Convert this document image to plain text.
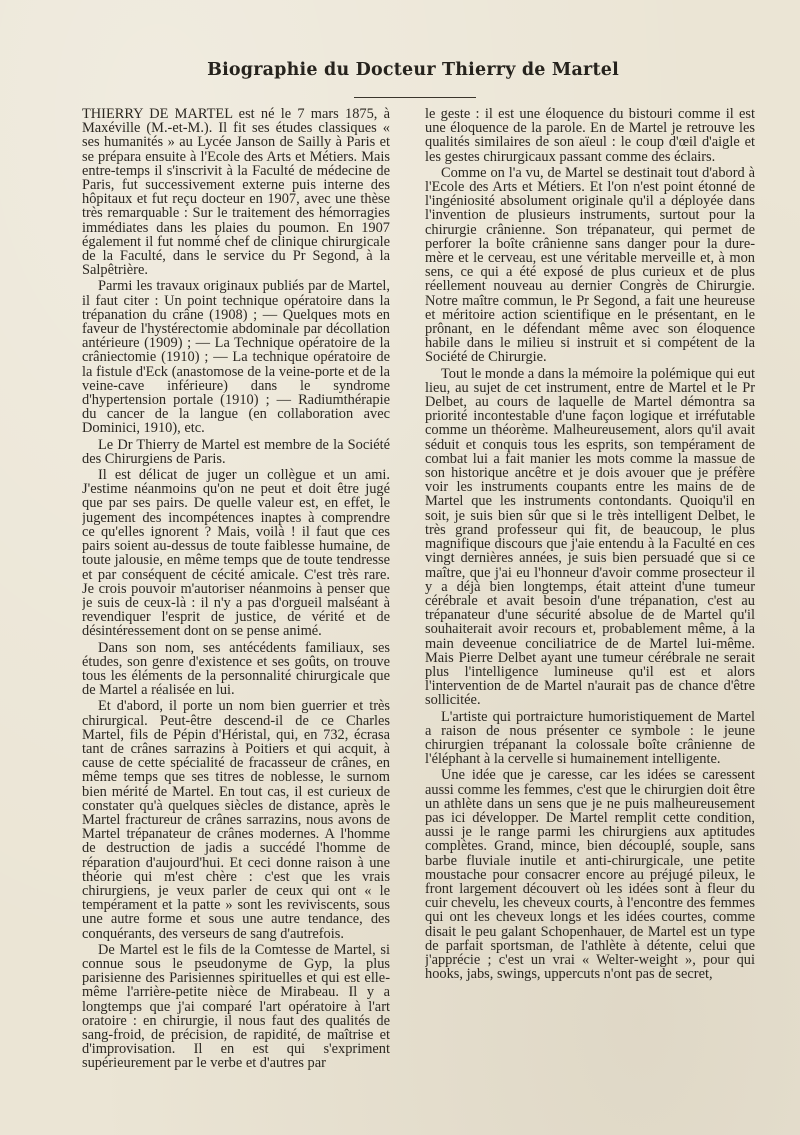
Biographie du Docteur Thierry de Martel

THIERRY DE MARTEL est né le 7 mars 1875, à Maxéville (M.-et-M.). Il fit ses études classiques « ses humanités » au Lycée Janson de Sailly à Paris et se prépara ensuite à l'Ecole des Arts et Métiers. Mais entre-temps il s'inscrivit à la Faculté de médecine de Paris, fut successivement externe puis interne des hôpitaux et fut reçu docteur en 1907, avec une thèse très remarquable : Sur le traitement des hémorragies immédiates dans les plaies du poumon. En 1907 également il fut nommé chef de clinique chirurgicale de la Faculté, dans le service du Pr Segond, à la Salpêtrière.

Parmi les travaux originaux publiés par de Martel, il faut citer : Un point technique opératoire dans la trépanation du crâne (1908) ; — Quelques mots en faveur de l'hystérectomie abdominale par décollation antérieure (1909) ; — La Technique opératoire de la crâniectomie (1910) ; — La technique opératoire de la fistule d'Eck (anastomose de la veine-porte et de la veine-cave inférieure) dans le syndrome d'hypertension portale (1910) ; — Radiumthérapie du cancer de la langue (en collaboration avec Dominici, 1910), etc.

Le Dr Thierry de Martel est membre de la Société des Chirurgiens de Paris.

Il est délicat de juger un collègue et un ami. J'estime néanmoins qu'on ne peut et doit être jugé que par ses pairs. De quelle valeur est, en effet, le jugement des incompétences inaptes à comprendre ce qu'elles ignorent ? Mais, voilà ! il faut que ces pairs soient au-dessus de toute faiblesse humaine, de toute jalousie, en même temps que de toute tendresse et par conséquent de cécité amicale. C'est très rare. Je crois pouvoir m'autoriser néanmoins à penser que je suis de ceux-là : il n'y a pas d'orgueil malséant à revendiquer l'esprit de justice, de vérité et de désintéressement dont on se pense animé.

Dans son nom, ses antécédents familiaux, ses études, son genre d'existence et ses goûts, on trouve tous les éléments de la personnalité chirurgicale que de Martel a réalisée en lui.

Et d'abord, il porte un nom bien guerrier et très chirurgical. Peut-être descend-il de ce Charles Martel, fils de Pépin d'Héristal, qui, en 732, écrasa tant de crânes sarrazins à Poitiers et qui acquit, à cause de cette spécialité de fracasseur de crânes, en même temps que ses titres de noblesse, le surnom bien mérité de Martel. En tout cas, il est curieux de constater qu'à quelques siècles de distance, après le Martel fractureur de crânes sarrazins, nous avons de Martel trépanateur de crânes modernes. A l'homme de destruction de jadis a succédé l'homme de réparation d'aujourd'hui. Et ceci donne raison à une théorie qui m'est chère : c'est que les vrais chirurgiens, je veux parler de ceux qui ont « le tempérament et la patte » sont les reviviscents, sous une autre forme et sous une autre tendance, des conquérants, des verseurs de sang d'autrefois.

De Martel est le fils de la Comtesse de Martel, si connue sous le pseudonyme de Gyp, la plus parisienne des Parisiennes spirituelles et qui est elle-même l'arrière-petite nièce de Mirabeau. Il y a longtemps que j'ai comparé l'art opératoire à l'art oratoire : en chirurgie, il nous faut des qualités de sang-froid, de précision, de rapidité, de maîtrise et d'improvisation. Il en est qui s'expriment supérieurement par le verbe et d'autres par

le geste : il est une éloquence du bistouri comme il est une éloquence de la parole. En de Martel je retrouve les qualités similaires de son aïeul : le coup d'œil d'aigle et les gestes chirurgicaux passant comme des éclairs.

Comme on l'a vu, de Martel se destinait tout d'abord à l'Ecole des Arts et Métiers. Et l'on n'est point étonné de l'ingéniosité absolument originale qu'il a déployée dans l'invention de plusieurs instruments, surtout pour la chirurgie crânienne. Son trépanateur, qui permet de perforer la boîte crânienne sans danger pour la dure-mère et le cerveau, est une véritable merveille et, à mon sens, ce qui a été exposé de plus curieux et de plus réellement nouveau au dernier Congrès de Chirurgie. Notre maître commun, le Pr Segond, a fait une heureuse et méritoire action scientifique en le présentant, en le prônant, en le défendant même avec son éloquence habile dans le milieu si instruit et si compétent de la Société de Chirurgie.

Tout le monde a dans la mémoire la polémique qui eut lieu, au sujet de cet instrument, entre de Martel et le Pr Delbet, au cours de laquelle de Martel démontra sa priorité incontestable d'une façon logique et irréfutable comme un théorème. Malheureusement, alors qu'il avait séduit et conquis tous les esprits, son tempérament de combat lui a fait manier les mots comme la massue de son historique ancêtre et je dois avouer que je préfère voir les instruments coupants entre les mains de de Martel que les instruments contondants. Quoiqu'il en soit, je suis bien sûr que si le très intelligent Delbet, le très grand professeur qui fit, de beaucoup, le plus magnifique discours que j'aie entendu à la Faculté en ces vingt dernières années, je suis bien persuadé que si ce maître, que j'ai eu l'honneur d'avoir comme prosecteur il y a déjà bien longtemps, était atteint d'une tumeur cérébrale et avait besoin d'une trépanation, c'est au trépanateur d'une sécurité absolue de de Martel qu'il souhaiterait avoir recours et, probablement même, à la main deveenue conciliatrice de de Martel lui-même. Mais Pierre Delbet ayant une tumeur cérébrale ne serait plus l'intelligence lumineuse qu'il est et alors l'intervention de de Martel n'aurait pas de chance d'être sollicitée.

L'artiste qui portraicture humoristiquement de Martel a raison de nous présenter ce symbole : le jeune chirurgien trépanant la colossale boîte crânienne de l'éléphant à la cervelle si humainement intelligente.

Une idée que je caresse, car les idées se caressent aussi comme les femmes, c'est que le chirurgien doit être un athlète dans un sens que je ne puis malheureusement pas ici développer. De Martel remplit cette condition, aussi je le range parmi les chirurgiens aux aptitudes complètes. Grand, mince, bien découplé, souple, sans barbe fluviale inutile et anti-chirurgicale, une petite moustache pour consacrer encore au préjugé pileux, le front largement découvert où les idées sont à fleur du cuir chevelu, les cheveux courts, à l'encontre des femmes qui ont les cheveux longs et les idées courtes, comme disait le peu galant Schopenhauer, de Martel est un type de parfait sportsman, de l'athlète à détente, celui que j'apprécie ; c'est un vrai « Welter-weight », pour qui hooks, jabs, swings, uppercuts n'ont pas de secret,
